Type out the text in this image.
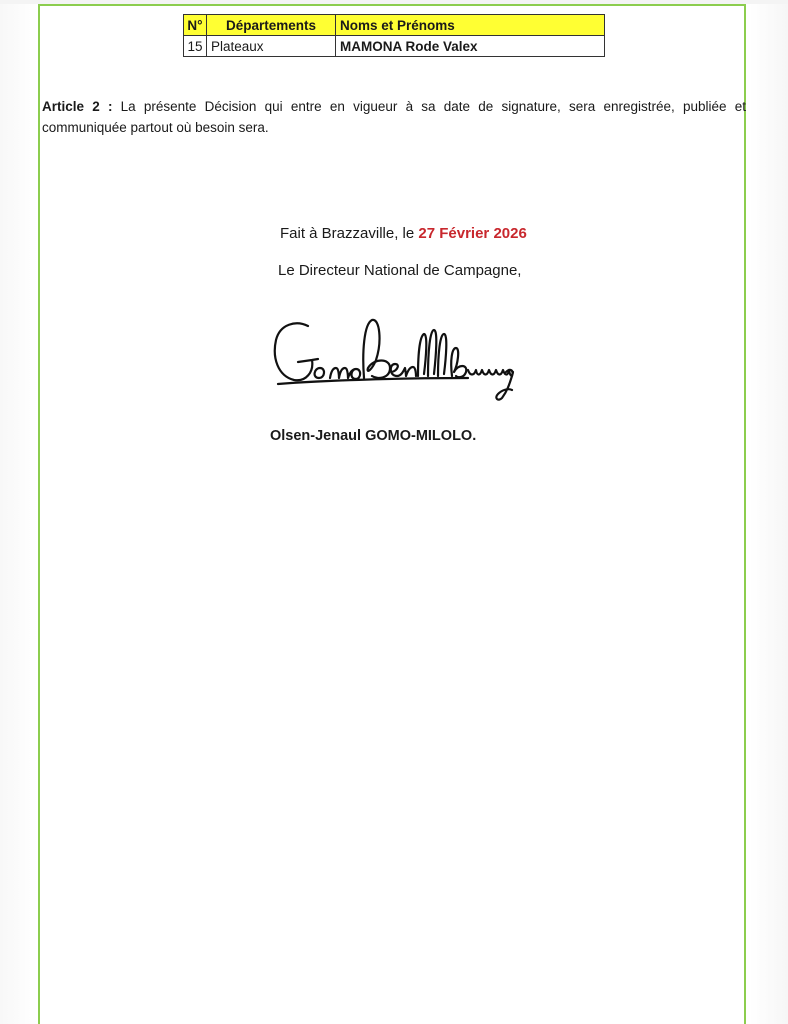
N°	Départements	Noms et Prénoms
15	Plateaux	MAMONA Rode Valex
Article 2 : La présente Décision qui entre en vigueur à sa date de signature, sera enregistrée, publiée et communiquée partout où besoin sera.
Fait à Brazzaville, le 27 Février 2026
Le Directeur National de Campagne,
Olsen-Jenaul GOMO-MILOLO.
